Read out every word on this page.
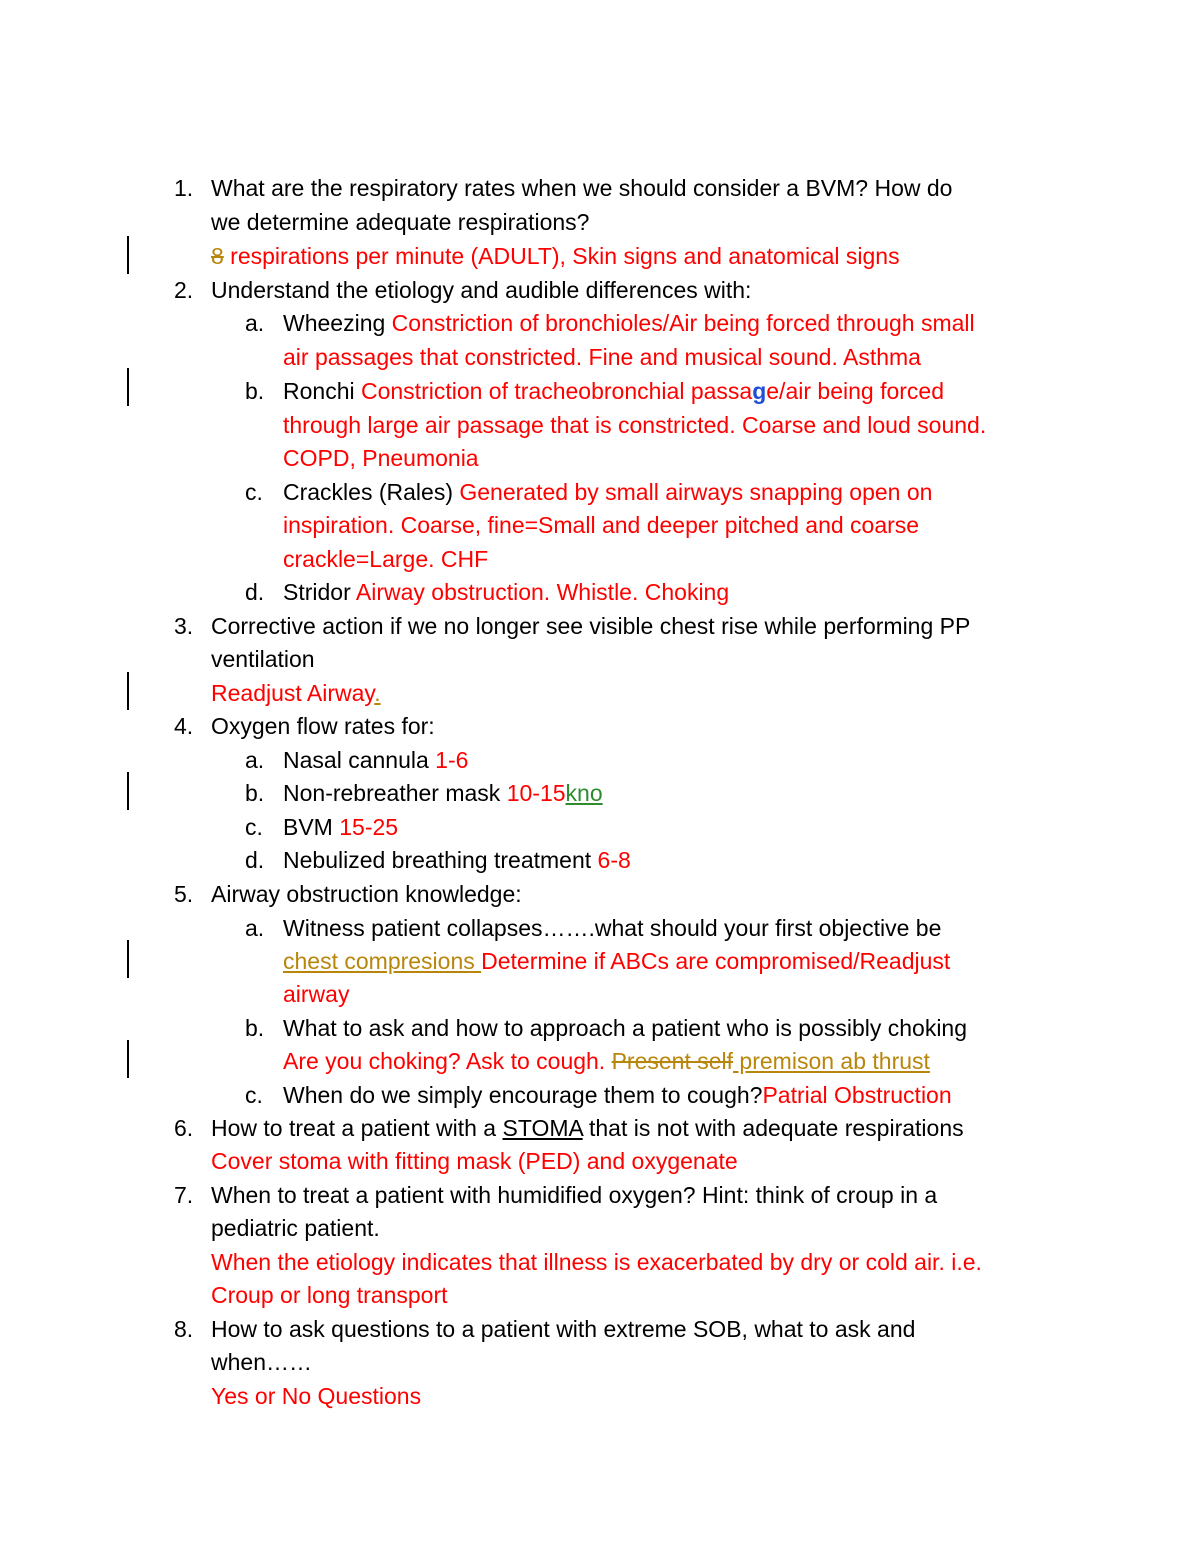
1. What are the respiratory rates when we should consider a BVM? How do
we determine adequate respirations?
8 respirations per minute (ADULT), Skin signs and anatomical signs
2. Understand the etiology and audible differences with:
a. Wheezing Constriction of bronchioles/Air being forced through small
air passages that constricted. Fine and musical sound. Asthma
b. Ronchi Constriction of tracheobronchial passage/air being forced
through large air passage that is constricted. Coarse and loud sound.
COPD, Pneumonia
c. Crackles (Rales) Generated by small airways snapping open on
inspiration. Coarse, fine=Small and deeper pitched and coarse
crackle=Large. CHF
d. Stridor Airway obstruction. Whistle. Choking
3. Corrective action if we no longer see visible chest rise while performing PP
ventilation
Readjust Airway.
4. Oxygen flow rates for:
a. Nasal cannula 1-6
b. Non-rebreather mask 10-15kno
c. BVM 15-25
d. Nebulized breathing treatment 6-8
5. Airway obstruction knowledge:
a. Witness patient collapses…….what should your first objective be
chest compresions Determine if ABCs are compromised/Readjust
airway
b. What to ask and how to approach a patient who is possibly choking
Are you choking? Ask to cough. Present self premison ab thrust
c. When do we simply encourage them to cough?Patrial Obstruction
6. How to treat a patient with a STOMA that is not with adequate respirations
Cover stoma with fitting mask (PED) and oxygenate
7. When to treat a patient with humidified oxygen? Hint: think of croup in a
pediatric patient.
When the etiology indicates that illness is exacerbated by dry or cold air. i.e.
Croup or long transport
8. How to ask questions to a patient with extreme SOB, what to ask and
when……
Yes or No Questions
